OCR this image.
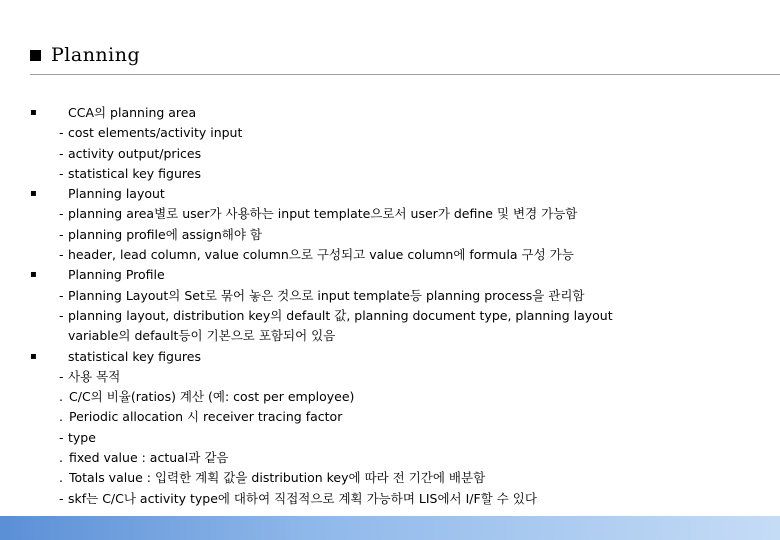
Planning
▪ CCA의 planning area
- cost elements/activity input
- activity output/prices
- statistical key figures
▪ Planning layout
- planning area별로 user가 사용하는 input template으로서 user가 define 및 변경 가능함
- planning profile에 assign해야 함
- header, lead column, value column으로 구성되고 value column에 formula 구성 가능
▪ Planning Profile
- Planning Layout의 Set로 묶어 놓은 것으로 input template등 planning process을 관리함
- planning layout, distribution key의 default 값, planning document type, planning layout
variable의 default등이 기본으로 포함되어 있음
▪ statistical key figures
- 사용 목적
. C/C의 비율(ratios) 계산 (예: cost per employee)
. Periodic allocation 시 receiver tracing factor
- type
. fixed value : actual과 같음
. Totals value : 입력한 계획 값을 distribution key에 따라 전 기간에 배분함
- skf는 C/C나 activity type에 대하여 직접적으로 계획 가능하며 LIS에서 I/F할 수 있다
